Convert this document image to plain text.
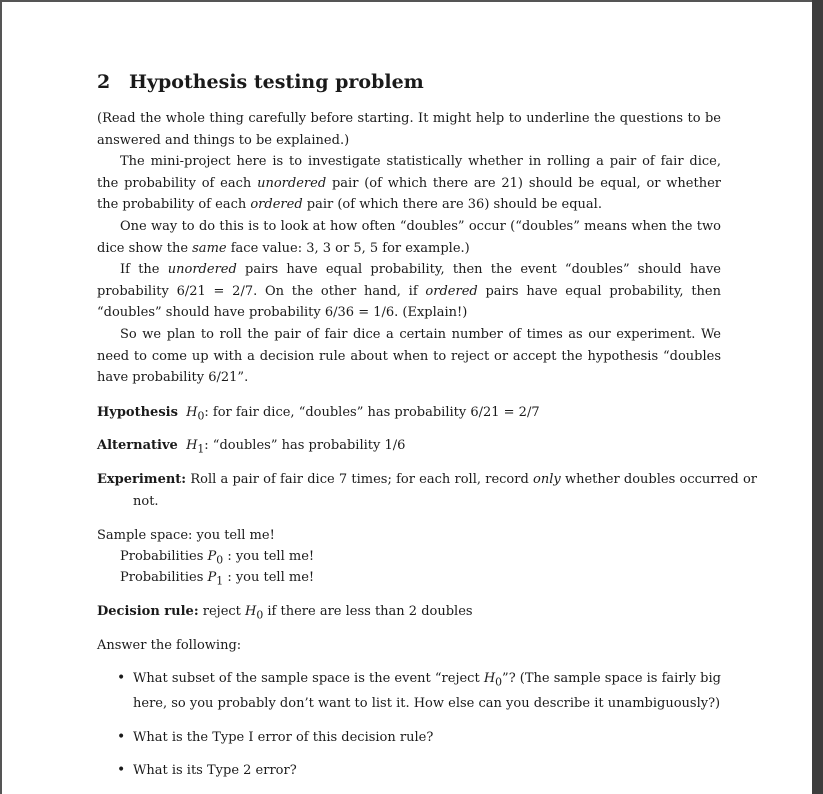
2 Hypothesis testing problem

(Read the whole thing carefully before starting. It might help to underline the questions to be answered and things to be explained.)

The mini-project here is to investigate statistically whether in rolling a pair of fair dice, the probability of each unordered pair (of which there are 21) should be equal, or whether the probability of each ordered pair (of which there are 36) should be equal.

One way to do this is to look at how often “doubles” occur (“doubles” means when the two dice show the same face value: 3, 3 or 5, 5 for example.)

If the unordered pairs have equal probability, then the event “doubles” should have probability 6/21 = 2/7. On the other hand, if ordered pairs have equal probability, then “doubles” should have probability 6/36 = 1/6. (Explain!)

So we plan to roll the pair of fair dice a certain number of times as our experiment. We need to come up with a decision rule about when to reject or accept the hypothesis “doubles have probability 6/21”.

Hypothesis $H_0$: for fair dice, “doubles” has probability 6/21 = 2/7

Alternative $H_1$: “doubles” has probability 1/6

Experiment: Roll a pair of fair dice 7 times; for each roll, record only whether doubles occurred or not.

Sample space: you tell me!

Probabilities $P_0$ : you tell me!

Probabilities $P_1$ : you tell me!

Decision rule: reject $H_0$ if there are less than 2 doubles

Answer the following:

• What subset of the sample space is the event “reject $H_0$”? (The sample space is fairly big here, so you probably don’t want to list it. How else can you describe it unambiguously?)
• What is the Type I error of this decision rule?
• What is its Type 2 error?
